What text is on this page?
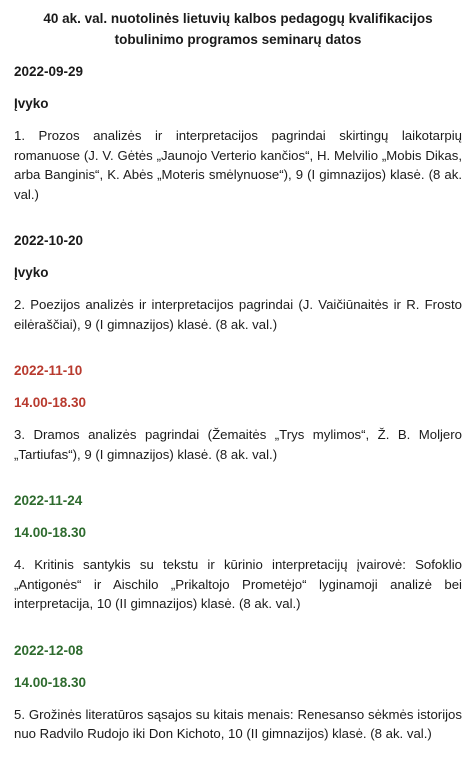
40 ak. val. nuotolinės lietuvių kalbos pedagogų kvalifikacijos tobulinimo programos seminarų datos
2022-09-29
Įvyko
1. Prozos analizės ir interpretacijos pagrindai skirtingų laikotarpių romanuose (J. V. Gėtės „Jaunojo Verterio kančios“, H. Melvilio „Mobis Dikas, arba Banginis“, K. Abės „Moteris smėlynuose“), 9 (I gimnazijos) klasė. (8 ak. val.)
2022-10-20
Įvyko
2. Poezijos analizės ir interpretacijos pagrindai (J. Vaičiūnaitės ir R. Frosto eilėraščiai), 9 (I gimnazijos) klasė. (8 ak. val.)
2022-11-10
14.00-18.30
3. Dramos analizės pagrindai (Žemaitės „Trys mylimos“, Ž. B. Moljero „Tartiufas“), 9 (I gimnazijos) klasė. (8 ak. val.)
2022-11-24
14.00-18.30
4. Kritinis santykis su tekstu ir kūrinio interpretacijų įvairovė: Sofoklio „Antigonės“ ir Aischilo „Prikaltojo Prometėjo“ lyginamoji analizė bei interpretacija, 10 (II gimnazijos) klasė. (8 ak. val.)
2022-12-08
14.00-18.30
5. Grožinės literatūros sąsajos su kitais menais: Renesanso sėkmės istorijos nuo Radvilo Rudojo iki Don Kichoto, 10 (II gimnazijos) klasė. (8 ak. val.)
